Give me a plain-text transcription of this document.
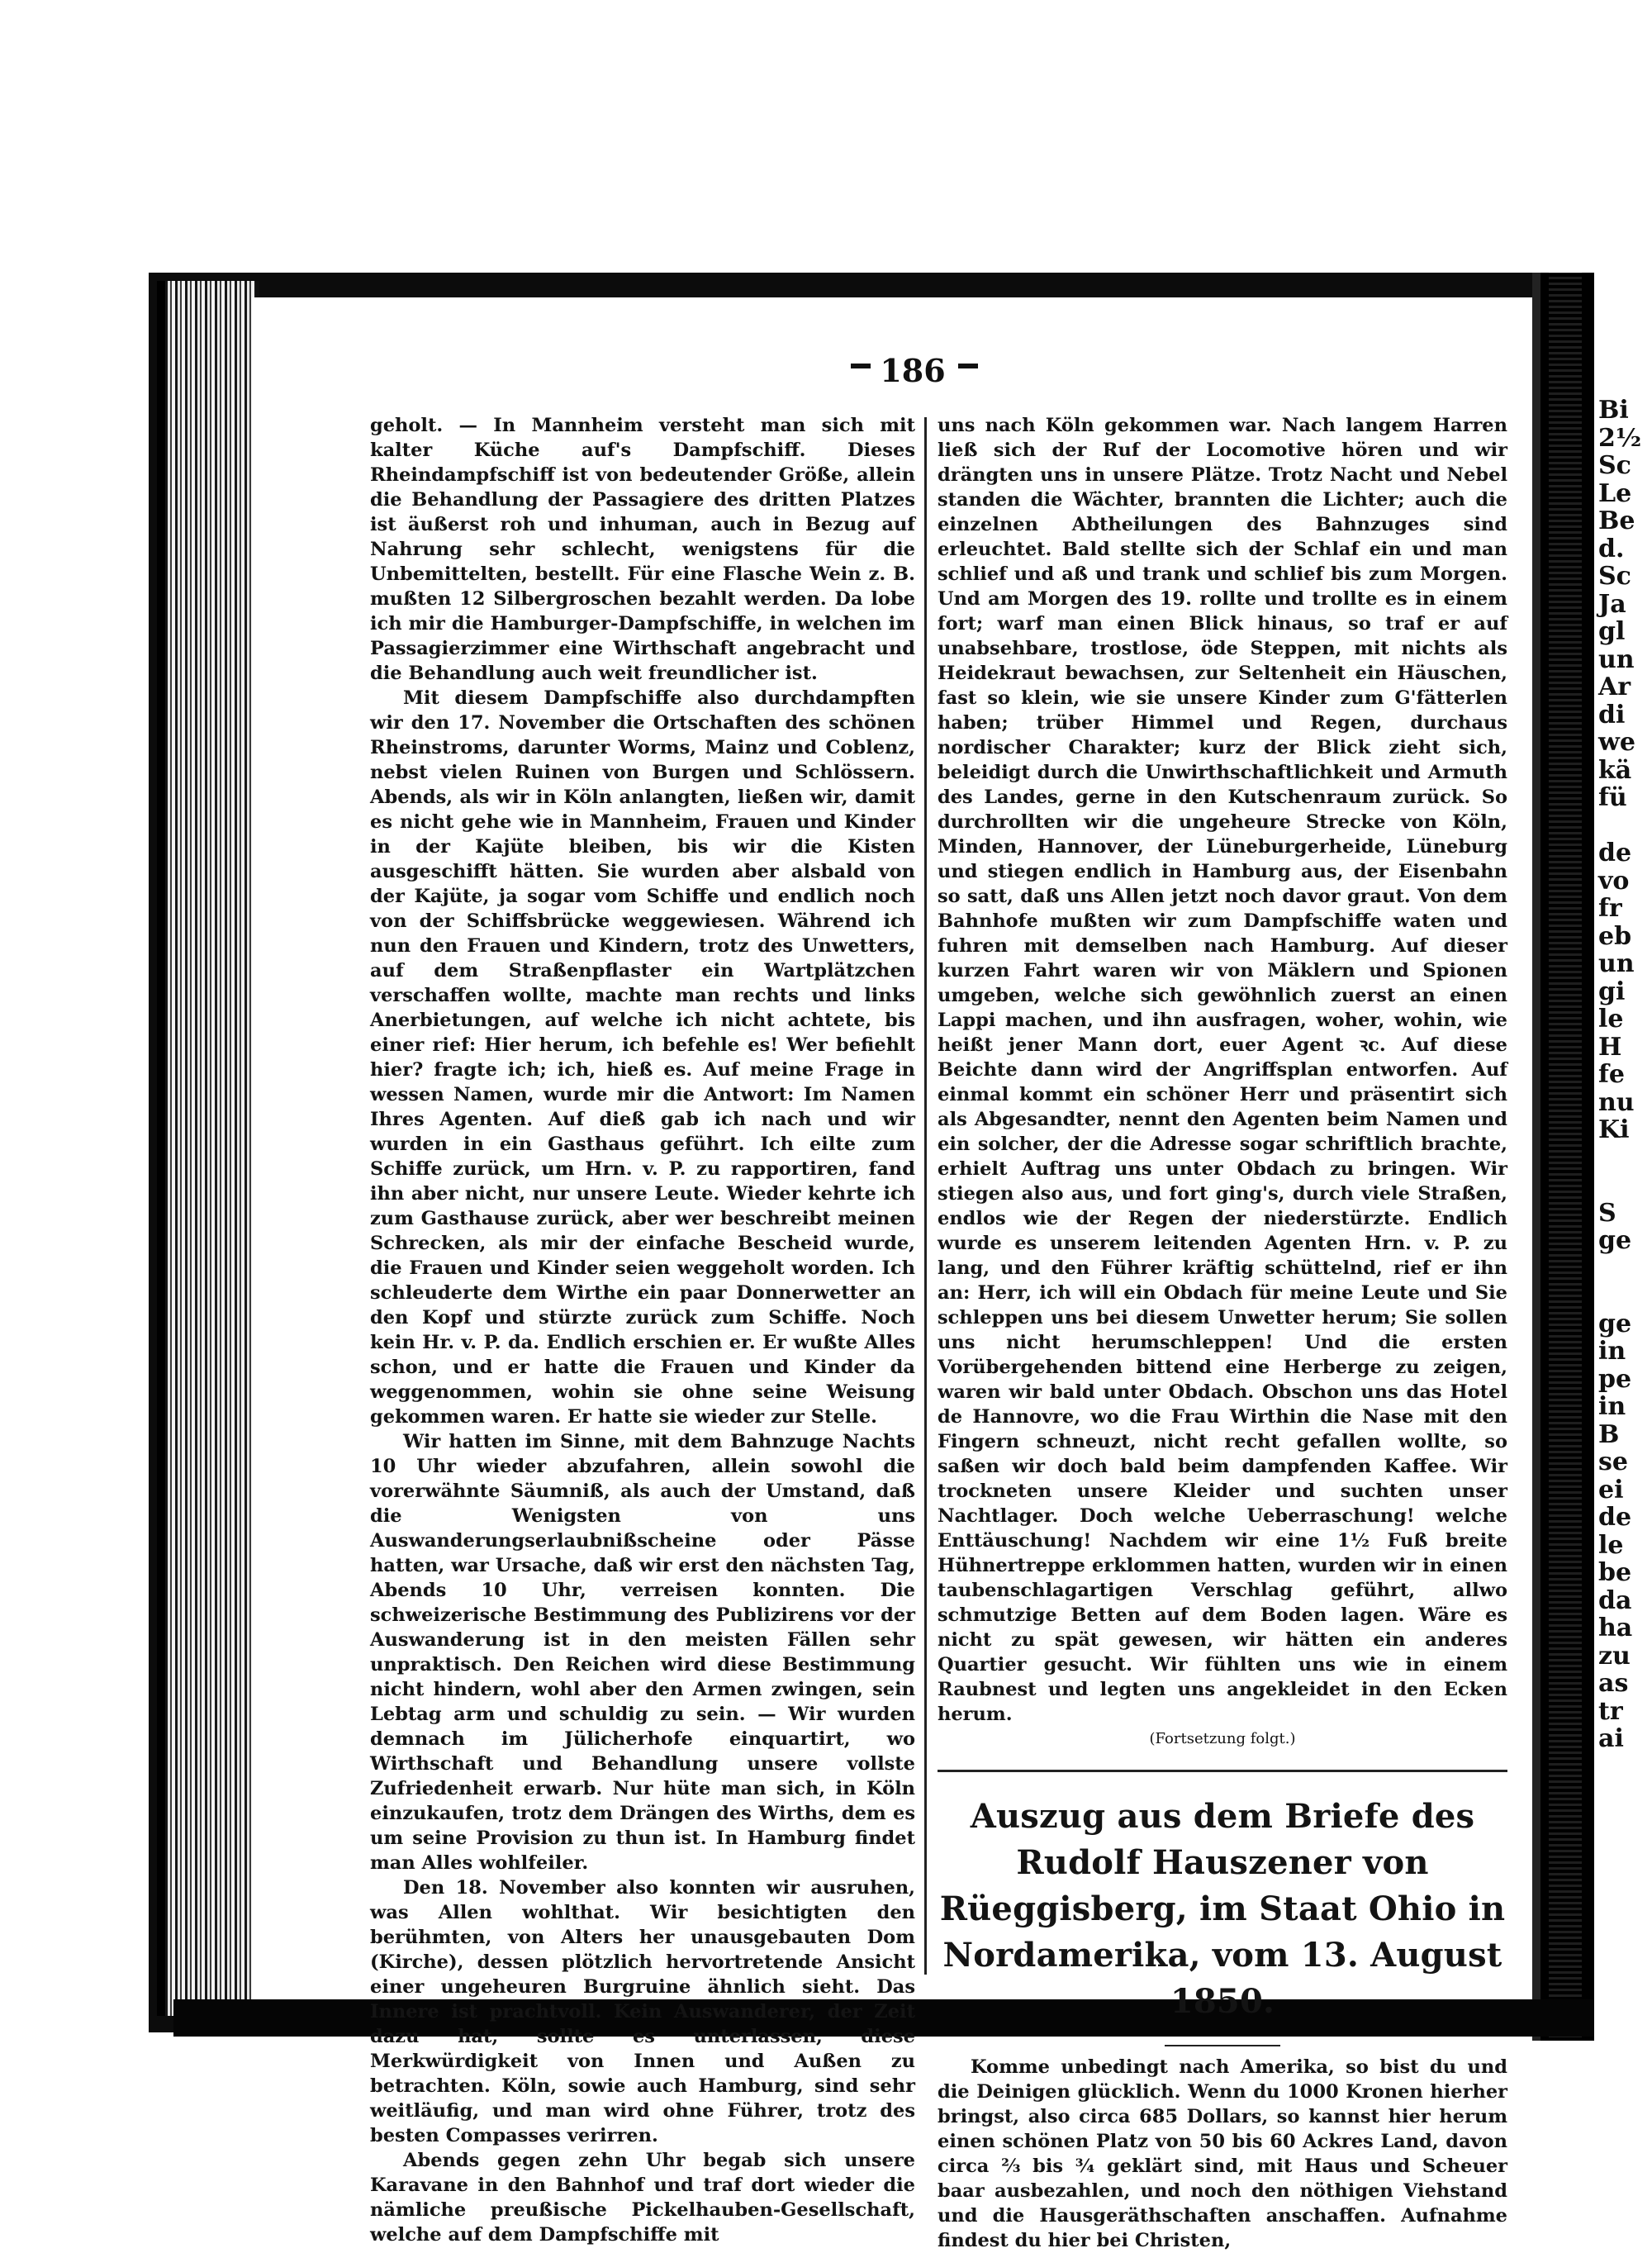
Bi
2½
Sc
Le
Be
d.
Sc
Ja
gl
un
Ar
di
we
kä
fü
de
vo
fr
eb
un
gi
le
H
fe
nu
Ki
S
ge
ge
in
pe
in
B
se
ei
de
le
be
da
ha
zu
as
tr
ai
186

geholt. — In Mannheim versteht man sich mit kalter Küche auf's Dampfschiff. Dieses Rheindampfschiff ist von bedeutender Größe, allein die Behandlung der Passagiere des dritten Platzes ist äußerst roh und inhuman, auch in Bezug auf Nahrung sehr schlecht, wenigstens für die Unbemittelten, bestellt. Für eine Flasche Wein z. B. mußten 12 Silbergroschen bezahlt werden. Da lobe ich mir die Hamburger-Dampfschiffe, in welchen im Passagierzimmer eine Wirthschaft angebracht und die Behandlung auch weit freundlicher ist.

Mit diesem Dampfschiffe also durchdampften wir den 17. November die Ortschaften des schönen Rheinstroms, darunter Worms, Mainz und Coblenz, nebst vielen Ruinen von Burgen und Schlössern. Abends, als wir in Köln anlangten, ließen wir, damit es nicht gehe wie in Mannheim, Frauen und Kinder in der Kajüte bleiben, bis wir die Kisten ausgeschifft hätten. Sie wurden aber alsbald von der Kajüte, ja sogar vom Schiffe und endlich noch von der Schiffsbrücke weggewiesen. Während ich nun den Frauen und Kindern, trotz des Unwetters, auf dem Straßenpflaster ein Wartplätzchen verschaffen wollte, machte man rechts und links Anerbietungen, auf welche ich nicht achtete, bis einer rief: Hier herum, ich befehle es! Wer befiehlt hier? fragte ich; ich, hieß es. Auf meine Frage in wessen Namen, wurde mir die Antwort: Im Namen Ihres Agenten. Auf dieß gab ich nach und wir wurden in ein Gasthaus geführt. Ich eilte zum Schiffe zurück, um Hrn. v. P. zu rapportiren, fand ihn aber nicht, nur unsere Leute. Wieder kehrte ich zum Gasthause zurück, aber wer beschreibt meinen Schrecken, als mir der einfache Bescheid wurde, die Frauen und Kinder seien weggeholt worden. Ich schleuderte dem Wirthe ein paar Donnerwetter an den Kopf und stürzte zurück zum Schiffe. Noch kein Hr. v. P. da. Endlich erschien er. Er wußte Alles schon, und er hatte die Frauen und Kinder da weggenommen, wohin sie ohne seine Weisung gekommen waren. Er hatte sie wieder zur Stelle.

Wir hatten im Sinne, mit dem Bahnzuge Nachts 10 Uhr wieder abzufahren, allein sowohl die vorerwähnte Säumniß, als auch der Umstand, daß die Wenigsten von uns Auswanderungserlaubnißscheine oder Pässe hatten, war Ursache, daß wir erst den nächsten Tag, Abends 10 Uhr, verreisen konnten. Die schweizerische Bestimmung des Publizirens vor der Auswanderung ist in den meisten Fällen sehr unpraktisch. Den Reichen wird diese Bestimmung nicht hindern, wohl aber den Armen zwingen, sein Lebtag arm und schuldig zu sein. — Wir wurden demnach im Jülicherhofe einquartirt, wo Wirthschaft und Behandlung unsere vollste Zufriedenheit erwarb. Nur hüte man sich, in Köln einzukaufen, trotz dem Drängen des Wirths, dem es um seine Provision zu thun ist. In Hamburg findet man Alles wohlfeiler.

Den 18. November also konnten wir ausruhen, was Allen wohlthat. Wir besichtigten den berühmten, von Alters her unausgebauten Dom (Kirche), dessen plötzlich hervortretende Ansicht einer ungeheuren Burgruine ähnlich sieht. Das Innere ist prachtvoll. Kein Auswanderer, der Zeit dazu hat, sollte es unterlassen, diese Merkwürdigkeit von Innen und Außen zu betrachten. Köln, sowie auch Hamburg, sind sehr weitläufig, und man wird ohne Führer, trotz des besten Compasses verirren.

Abends gegen zehn Uhr begab sich unsere Karavane in den Bahnhof und traf dort wieder die nämliche preußische Pickelhauben-Gesellschaft, welche auf dem Dampfschiffe mit

uns nach Köln gekommen war. Nach langem Harren ließ sich der Ruf der Locomotive hören und wir drängten uns in unsere Plätze. Trotz Nacht und Nebel standen die Wächter, brannten die Lichter; auch die einzelnen Abtheilungen des Bahnzuges sind erleuchtet. Bald stellte sich der Schlaf ein und man schlief und aß und trank und schlief bis zum Morgen. Und am Morgen des 19. rollte und trollte es in einem fort; warf man einen Blick hinaus, so traf er auf unabsehbare, trostlose, öde Steppen, mit nichts als Heidekraut bewachsen, zur Seltenheit ein Häuschen, fast so klein, wie sie unsere Kinder zum G'fätterlen haben; trüber Himmel und Regen, durchaus nordischer Charakter; kurz der Blick zieht sich, beleidigt durch die Unwirthschaftlichkeit und Armuth des Landes, gerne in den Kutschenraum zurück. So durchrollten wir die ungeheure Strecke von Köln, Minden, Hannover, der Lüneburgerheide, Lüneburg und stiegen endlich in Hamburg aus, der Eisenbahn so satt, daß uns Allen jetzt noch davor graut. Von dem Bahnhofe mußten wir zum Dampfschiffe waten und fuhren mit demselben nach Hamburg. Auf dieser kurzen Fahrt waren wir von Mäklern und Spionen umgeben, welche sich gewöhnlich zuerst an einen Lappi machen, und ihn ausfragen, woher, wohin, wie heißt jener Mann dort, euer Agent ꝛc. Auf diese Beichte dann wird der Angriffsplan entworfen. Auf einmal kommt ein schöner Herr und präsentirt sich als Abgesandter, nennt den Agenten beim Namen und ein solcher, der die Adresse sogar schriftlich brachte, erhielt Auftrag uns unter Obdach zu bringen. Wir stiegen also aus, und fort ging's, durch viele Straßen, endlos wie der Regen der niederstürzte. Endlich wurde es unserem leitenden Agenten Hrn. v. P. zu lang, und den Führer kräftig schüttelnd, rief er ihn an: Herr, ich will ein Obdach für meine Leute und Sie schleppen uns bei diesem Unwetter herum; Sie sollen uns nicht herumschleppen! Und die ersten Vorübergehenden bittend eine Herberge zu zeigen, waren wir bald unter Obdach. Obschon uns das Hotel de Hannovre, wo die Frau Wirthin die Nase mit den Fingern schneuzt, nicht recht gefallen wollte, so saßen wir doch bald beim dampfenden Kaffee. Wir trockneten unsere Kleider und suchten unser Nachtlager. Doch welche Ueberraschung! welche Enttäuschung! Nachdem wir eine 1½ Fuß breite Hühnertreppe erklommen hatten, wurden wir in einen taubenschlagartigen Verschlag geführt, allwo schmutzige Betten auf dem Boden lagen. Wäre es nicht zu spät gewesen, wir hätten ein anderes Quartier gesucht. Wir fühlten uns wie in einem Raubnest und legten uns angekleidet in den Ecken herum.

(Fortsetzung folgt.)

Auszug aus dem Briefe des Rudolf Hauszener von Rüeggisberg, im Staat Ohio in Nordamerika, vom 13. August 1850.

Komme unbedingt nach Amerika, so bist du und die Deinigen glücklich. Wenn du 1000 Kronen hierher bringst, also circa 685 Dollars, so kannst hier herum einen schönen Platz von 50 bis 60 Ackres Land, davon circa ⅔ bis ¾ geklärt sind, mit Haus und Scheuer baar ausbezahlen, und noch den nöthigen Viehstand und die Hausgeräthschaften anschaffen. Aufnahme findest du hier bei Christen,
